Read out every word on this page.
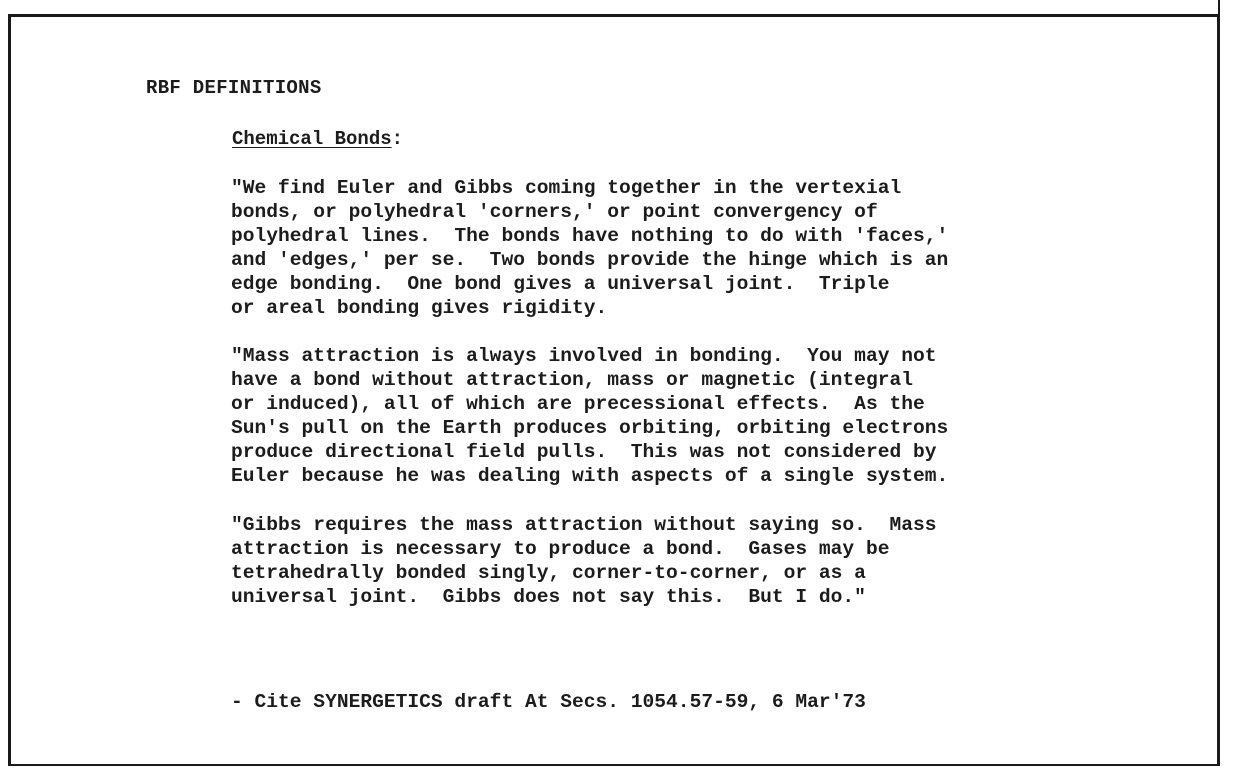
RBF DEFINITIONS
Chemical Bonds:

"We find Euler and Gibbs coming together in the vertexial
bonds, or polyhedral 'corners,' or point convergency of
polyhedral lines.  The bonds have nothing to do with 'faces,'
and 'edges,' per se.  Two bonds provide the hinge which is an
edge bonding.  One bond gives a universal joint.  Triple
or areal bonding gives rigidity.

"Mass attraction is always involved in bonding.  You may not
have a bond without attraction, mass or magnetic (integral
or induced), all of which are precessional effects.  As the
Sun's pull on the Earth produces orbiting, orbiting electrons
produce directional field pulls.  This was not considered by
Euler because he was dealing with aspects of a single system.

"Gibbs requires the mass attraction without saying so.  Mass
attraction is necessary to produce a bond.  Gases may be
tetrahedrally bonded singly, corner-to-corner, or as a
universal joint.  Gibbs does not say this.  But I do."

- Cite SYNERGETICS draft At Secs. 1054.57-59, 6 Mar'73
